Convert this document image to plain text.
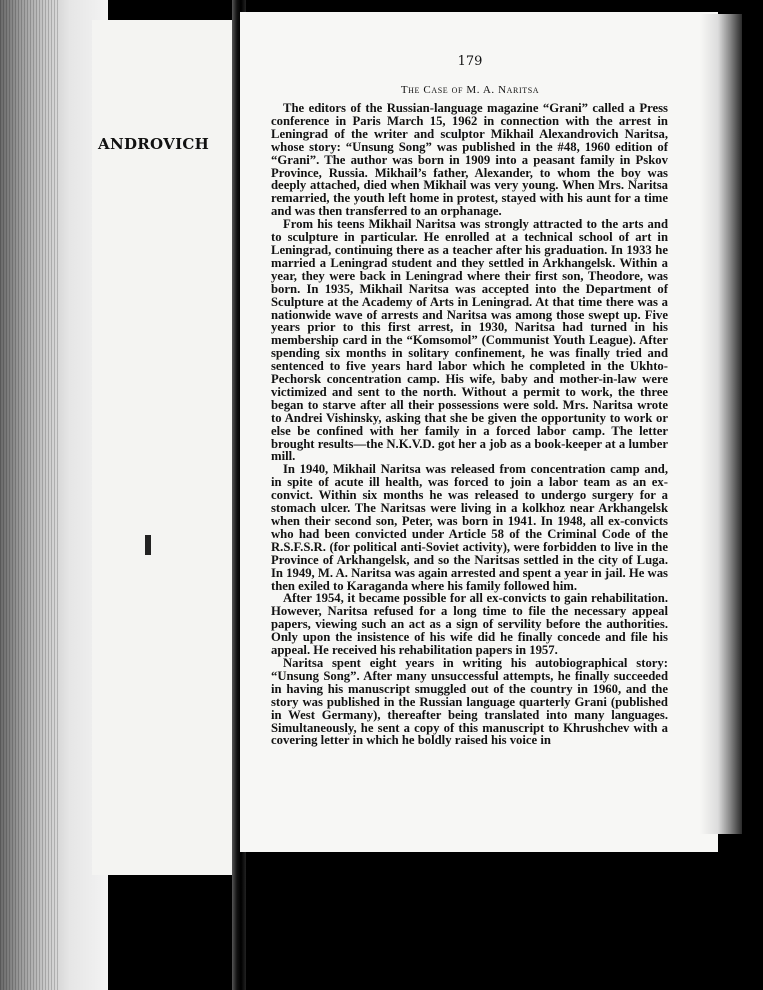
ANDROVICH
179
The Case of M. A. Naritsa

The editors of the Russian-language magazine “Grani” called a Press conference in Paris March 15, 1962 in connection with the arrest in Leningrad of the writer and sculptor Mikhail Alexandrovich Naritsa, whose story: “Unsung Song” was published in the #48, 1960 edition of “Grani”. The author was born in 1909 into a peasant family in Pskov Province, Russia. Mikhail’s father, Alexander, to whom the boy was deeply attached, died when Mikhail was very young. When Mrs. Naritsa remarried, the youth left home in protest, stayed with his aunt for a time and was then transferred to an orphanage.

From his teens Mikhail Naritsa was strongly attracted to the arts and to sculpture in particular. He enrolled at a technical school of art in Leningrad, continuing there as a teacher after his graduation. In 1933 he married a Leningrad student and they settled in Arkhangelsk. Within a year, they were back in Leningrad where their first son, Theodore, was born. In 1935, Mikhail Naritsa was accepted into the Department of Sculpture at the Academy of Arts in Leningrad. At that time there was a nationwide wave of arrests and Naritsa was among those swept up. Five years prior to this first arrest, in 1930, Naritsa had turned in his membership card in the “Komsomol” (Communist Youth League). After spending six months in solitary confinement, he was finally tried and sentenced to five years hard labor which he completed in the Ukhto-Pechorsk concentration camp. His wife, baby and mother-in-law were victimized and sent to the north. Without a permit to work, the three began to starve after all their possessions were sold. Mrs. Naritsa wrote to Andrei Vishinsky, asking that she be given the opportunity to work or else be confined with her family in a forced labor camp. The letter brought results—the N.K.V.D. got her a job as a book-keeper at a lumber mill.

In 1940, Mikhail Naritsa was released from concentration camp and, in spite of acute ill health, was forced to join a labor team as an ex-convict. Within six months he was released to undergo surgery for a stomach ulcer. The Naritsas were living in a kolkhoz near Arkhangelsk when their second son, Peter, was born in 1941. In 1948, all ex-convicts who had been convicted under Article 58 of the Criminal Code of the R.S.F.S.R. (for political anti-Soviet activity), were forbidden to live in the Province of Arkhangelsk, and so the Naritsas settled in the city of Luga. In 1949, M. A. Naritsa was again arrested and spent a year in jail. He was then exiled to Karaganda where his family followed him.

After 1954, it became possible for all ex-convicts to gain rehabilitation. However, Naritsa refused for a long time to file the necessary appeal papers, viewing such an act as a sign of servility before the authorities. Only upon the insistence of his wife did he finally concede and file his appeal. He received his rehabilitation papers in 1957.

Naritsa spent eight years in writing his autobiographical story: “Unsung Song”. After many unsuccessful attempts, he finally succeeded in having his manuscript smuggled out of the country in 1960, and the story was published in the Russian language quarterly Grani (published in West Germany), thereafter being translated into many languages. Simultaneously, he sent a copy of this manuscript to Khrushchev with a covering letter in which he boldly raised his voice in
